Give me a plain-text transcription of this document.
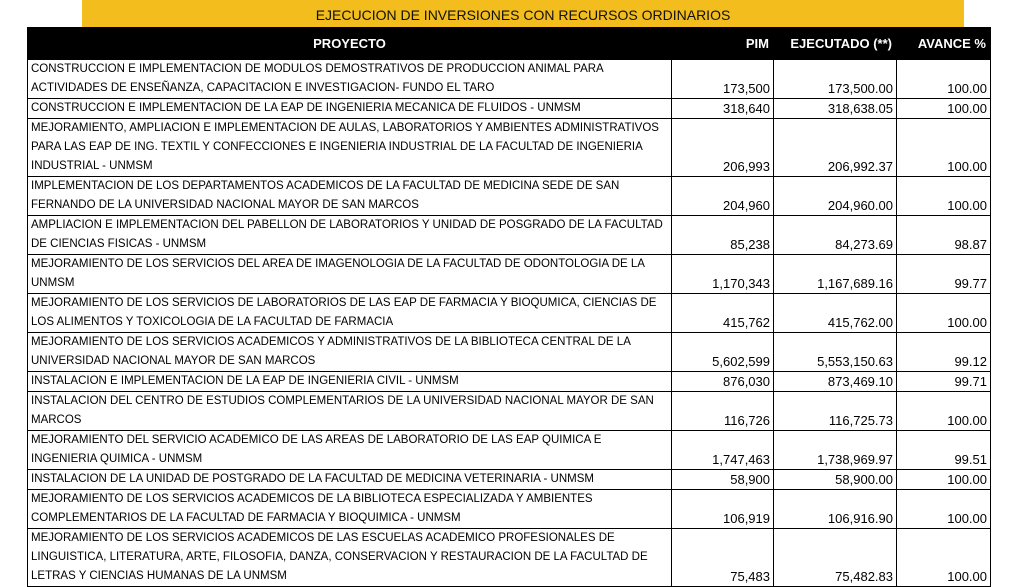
EJECUCION DE INVERSIONES CON RECURSOS ORDINARIOS
PROYECTO	PIM	EJECUTADO (**)	AVANCE %
CONSTRUCCION E IMPLEMENTACION DE MODULOS DEMOSTRATIVOS DE PRODUCCION ANIMAL PARA ACTIVIDADES DE ENSEÑANZA, CAPACITACION E INVESTIGACION- FUNDO EL TARO	173,500	173,500.00	100.00
CONSTRUCCION E IMPLEMENTACION DE LA EAP DE INGENIERIA MECANICA DE FLUIDOS - UNMSM	318,640	318,638.05	100.00
MEJORAMIENTO, AMPLIACION E IMPLEMENTACION DE AULAS, LABORATORIOS Y AMBIENTES ADMINISTRATIVOS PARA LAS EAP DE ING. TEXTIL Y CONFECCIONES E INGENIERIA INDUSTRIAL DE LA FACULTAD DE INGENIERIA INDUSTRIAL - UNMSM	206,993	206,992.37	100.00
IMPLEMENTACION DE LOS DEPARTAMENTOS ACADEMICOS DE LA FACULTAD DE MEDICINA SEDE DE SAN FERNANDO DE LA UNIVERSIDAD NACIONAL MAYOR DE SAN MARCOS	204,960	204,960.00	100.00
AMPLIACION E IMPLEMENTACION DEL PABELLON DE LABORATORIOS Y UNIDAD DE POSGRADO DE LA FACULTAD DE CIENCIAS FISICAS - UNMSM	85,238	84,273.69	98.87
MEJORAMIENTO DE LOS SERVICIOS DEL AREA DE IMAGENOLOGIA DE LA FACULTAD DE ODONTOLOGIA DE LA UNMSM	1,170,343	1,167,689.16	99.77
MEJORAMIENTO DE LOS SERVICIOS DE LABORATORIOS DE LAS EAP DE FARMACIA Y BIOQUMICA, CIENCIAS DE LOS ALIMENTOS Y TOXICOLOGIA DE LA FACULTAD DE FARMACIA	415,762	415,762.00	100.00
MEJORAMIENTO DE LOS SERVICIOS ACADEMICOS Y ADMINISTRATIVOS DE LA BIBLIOTECA CENTRAL DE LA UNIVERSIDAD NACIONAL MAYOR DE SAN MARCOS	5,602,599	5,553,150.63	99.12
INSTALACION E IMPLEMENTACION DE LA EAP DE INGENIERIA CIVIL - UNMSM	876,030	873,469.10	99.71
INSTALACION DEL CENTRO DE ESTUDIOS COMPLEMENTARIOS DE LA UNIVERSIDAD NACIONAL MAYOR DE SAN MARCOS	116,726	116,725.73	100.00
MEJORAMIENTO DEL SERVICIO ACADEMICO DE LAS AREAS DE LABORATORIO DE LAS EAP QUIMICA E INGENIERIA QUIMICA - UNMSM	1,747,463	1,738,969.97	99.51
INSTALACION DE LA UNIDAD DE POSTGRADO DE LA FACULTAD DE MEDICINA VETERINARIA - UNMSM	58,900	58,900.00	100.00
MEJORAMIENTO DE LOS SERVICIOS ACADEMICOS DE LA BIBLIOTECA ESPECIALIZADA Y AMBIENTES COMPLEMENTARIOS DE LA FACULTAD DE FARMACIA Y BIOQUIMICA - UNMSM	106,919	106,916.90	100.00
MEJORAMIENTO DE LOS SERVICIOS ACADEMICOS DE LAS ESCUELAS ACADEMICO PROFESIONALES DE LINGUISTICA, LITERATURA, ARTE, FILOSOFIA, DANZA, CONSERVACION Y RESTAURACION DE LA FACULTAD DE LETRAS Y CIENCIAS HUMANAS DE LA UNMSM	75,483	75,482.83	100.00
